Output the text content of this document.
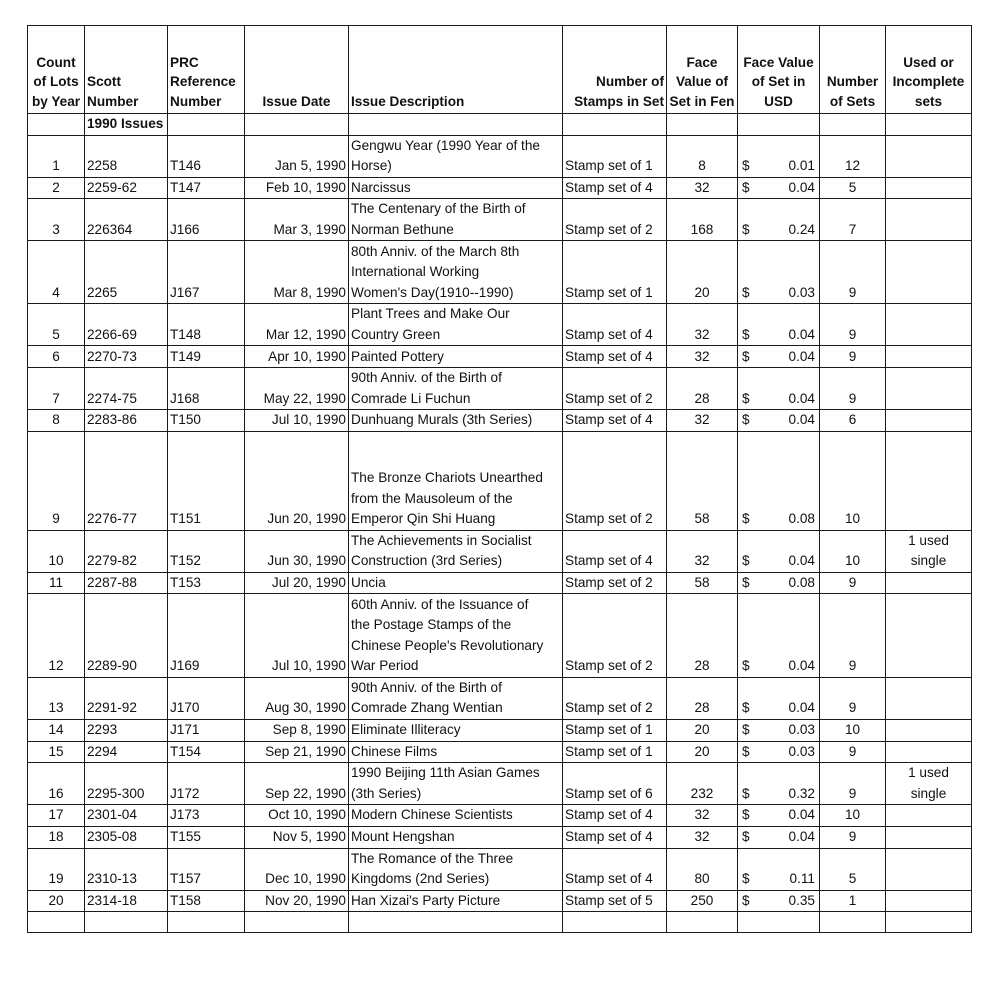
Count
of Lots
by Year	Scott
Number	PRC
Reference
Number	Issue Date	Issue Description	Number of
Stamps in Set	Face
Value of
Set in Fen	Face Value
of Set in
USD	Number
of Sets	Used or
Incomplete
sets
	1990 Issues								
1	2258	T146	Jan 5, 1990	Gengwu Year (1990 Year of the
Horse)	Stamp set of 1	8	$ 0.01	12	
2	2259-62	T147	Feb 10, 1990	Narcissus	Stamp set of 4	32	$ 0.04	5	
3	226364	J166	Mar 3, 1990	The Centenary of the Birth of
Norman Bethune	Stamp set of 2	168	$ 0.24	7	
4	2265	J167	Mar 8, 1990	80th Anniv. of the March 8th
International Working
Women's Day(1910--1990)	Stamp set of 1	20	$ 0.03	9	
5	2266-69	T148	Mar 12, 1990	Plant Trees and Make Our
Country Green	Stamp set of 4	32	$ 0.04	9	
6	2270-73	T149	Apr 10, 1990	Painted Pottery	Stamp set of 4	32	$ 0.04	9	
7	2274-75	J168	May 22, 1990	90th Anniv. of the Birth of
Comrade Li Fuchun	Stamp set of 2	28	$ 0.04	9	
8	2283-86	T150	Jul 10, 1990	Dunhuang Murals (3th Series)	Stamp set of 4	32	$ 0.04	6	
9	2276-77	T151	Jun 20, 1990	The Bronze Chariots Unearthed
from the Mausoleum of the
Emperor Qin Shi Huang	Stamp set of 2	58	$ 0.08	10	
10	2279-82	T152	Jun 30, 1990	The Achievements in Socialist
Construction (3rd Series)	Stamp set of 4	32	$ 0.04	10	1 used
single
11	2287-88	T153	Jul 20, 1990	Uncia	Stamp set of 2	58	$ 0.08	9	
12	2289-90	J169	Jul 10, 1990	60th Anniv. of the Issuance of
the Postage Stamps of the
Chinese People's Revolutionary
War Period	Stamp set of 2	28	$ 0.04	9	
13	2291-92	J170	Aug 30, 1990	90th Anniv. of the Birth of
Comrade Zhang Wentian	Stamp set of 2	28	$ 0.04	9	
14	2293	J171	Sep 8, 1990	Eliminate Illiteracy	Stamp set of 1	20	$ 0.03	10	
15	2294	T154	Sep 21, 1990	Chinese Films	Stamp set of 1	20	$ 0.03	9	
16	2295-300	J172	Sep 22, 1990	1990 Beijing 11th Asian Games
(3th Series)	Stamp set of 6	232	$ 0.32	9	1 used
single
17	2301-04	J173	Oct 10, 1990	Modern Chinese Scientists	Stamp set of 4	32	$ 0.04	10	
18	2305-08	T155	Nov 5, 1990	Mount Hengshan	Stamp set of 4	32	$ 0.04	9	
19	2310-13	T157	Dec 10, 1990	The Romance of the Three
Kingdoms (2nd Series)	Stamp set of 4	80	$ 0.11	5	
20	2314-18	T158	Nov 20, 1990	Han Xizai's Party Picture	Stamp set of 5	250	$ 0.35	1	
